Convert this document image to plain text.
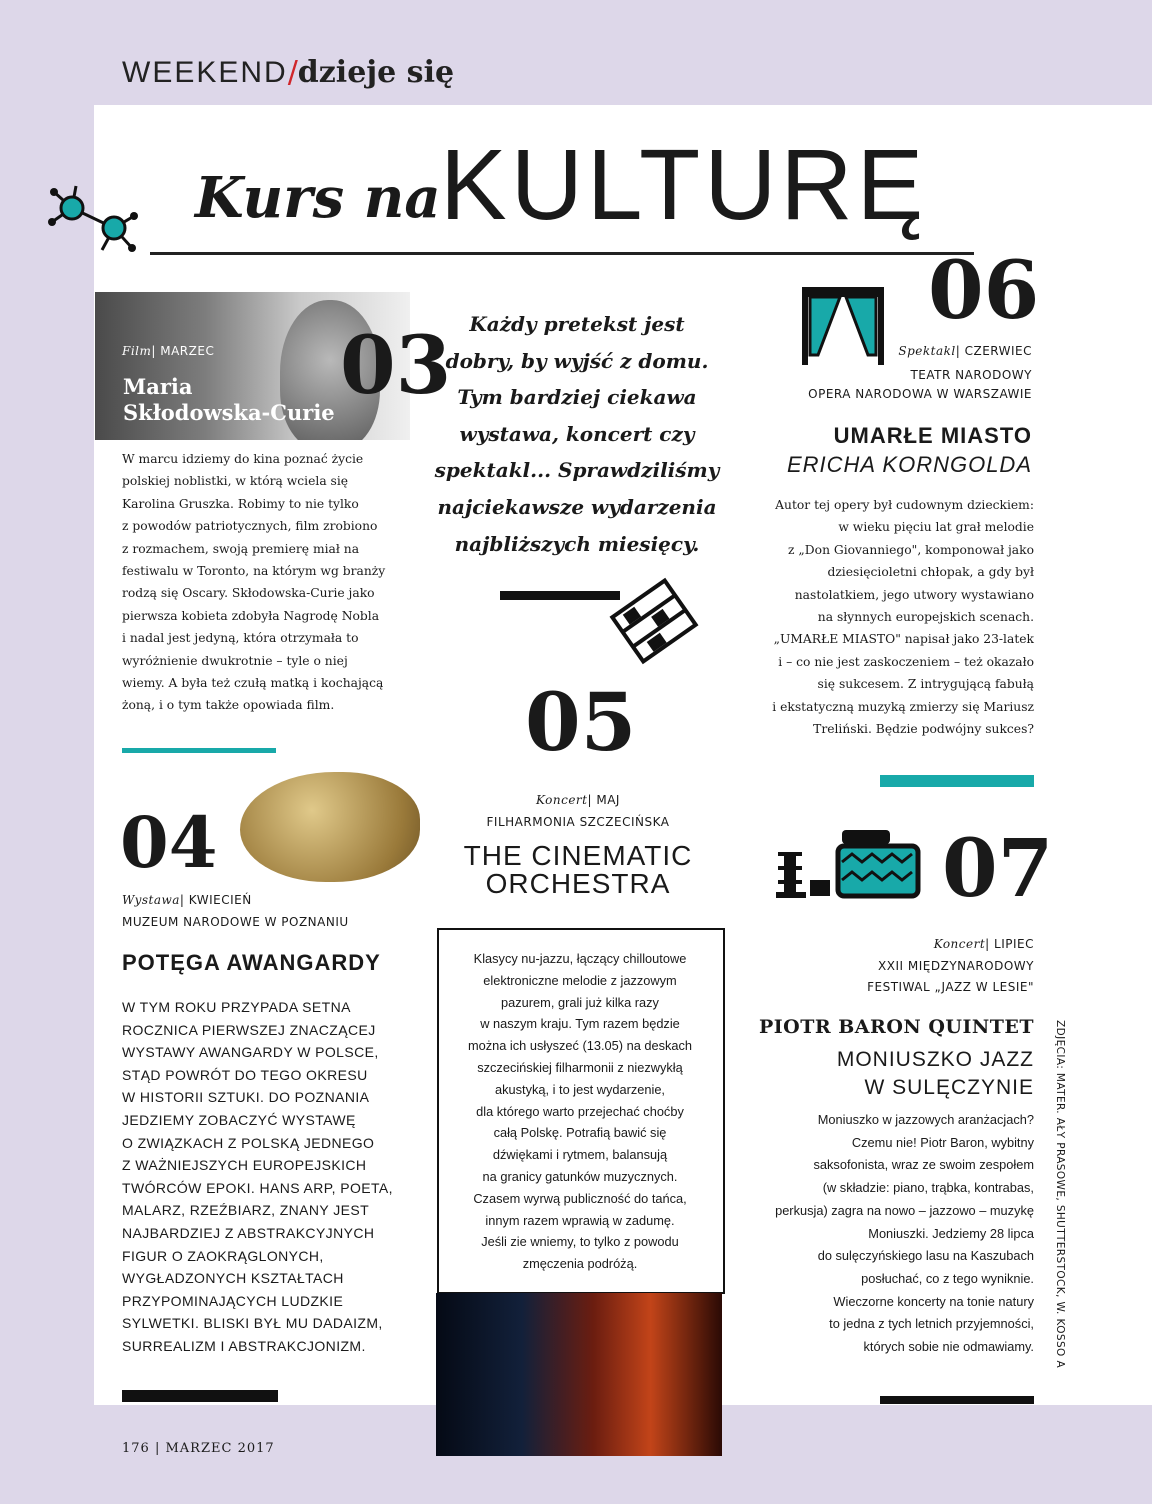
WEEKEND/dzieje się
Kurs na KULTURĘ
Film| MARZEC
Maria
Skłodowska-Curie
03
W marcu idziemy do kina poznać życie
polskiej noblistki, w którą wciela się
Karolina Gruszka. Robimy to nie tylko
z powodów patriotycznych, film zrobiono
z rozmachem, swoją premierę miał na
festiwalu w Toronto, na którym wg branży
rodzą się Oscary. Skłodowska-Curie jako
pierwsza kobieta zdobyła Nagrodę Nobla
i nadal jest jedyną, która otrzymała to
wyróżnienie dwukrotnie – tyle o niej
wiemy. A była też czułą matką i kochającą
żoną, i o tym także opowiada film.
Każdy pretekst jest dobry, by wyjść z domu. Tym bardziej ciekawa wystawa, koncert czy spektakl... Sprawdziliśmy najciekawsze wydarzenia najbliższych miesięcy.
05
Koncert| MAJ
FILHARMONIA SZCZECIŃSKA
THE CINEMATIC
ORCHESTRA
Klasycy nu-jazzu, łączący chilloutowe
elektroniczne melodie z jazzowym
pazurem, grali już kilka razy
w naszym kraju. Tym razem będzie
można ich usłyszeć (13.05) na deskach
szczecińskiej filharmonii z niezwykłą
akustyką, i to jest wydarzenie,
dla którego warto przejechać choćby
całą Polskę. Potrafią bawić się
dźwiękami i rytmem, balansują
na granicy gatunków muzycznych.
Czasem wyrwą publiczność do tańca,
innym razem wprawią w zadumę.
Jeśli zie wniemy, to tylko z powodu
zmęczenia podróżą.
04
Wystawa| KWIECIEŃ
MUZEUM NARODOWE W POZNANIU
POTĘGA AWANGARDY
W TYM ROKU PRZYPADA SETNA
ROCZNICA PIERWSZEJ ZNACZĄCEJ
WYSTAWY AWANGARDY W POLSCE,
STĄD POWRÓT DO TEGO OKRESU
W HISTORII SZTUKI. DO POZNANIA
JEDZIEMY ZOBACZYĆ WYSTAWĘ
O ZWIĄZKACH Z POLSKĄ JEDNEGO
Z WAŻNIEJSZYCH EUROPEJSKICH
TWÓRCÓW EPOKI. HANS ARP, POETA,
MALARZ, RZEŹBIARZ, ZNANY JEST
NAJBARDZIEJ Z ABSTRAKCYJNYCH
FIGUR O ZAOKRĄGLONYCH,
WYGŁADZONYCH KSZTAŁTACH
PRZYPOMINAJĄCYCH LUDZKIE
SYLWETKI. BLISKI BYŁ MU DADAIZM,
SURREALIZM I ABSTRAKCJONIZM.
06
Spektakl| CZERWIEC
TEATR NARODOWY
OPERA NARODOWA W WARSZAWIE
UMARŁE MIASTO
ERICHA KORNGOLDA
Autor tej opery był cudownym dzieckiem:
w wieku pięciu lat grał melodie
z „Don Giovanniego", komponował jako
dziesięcioletni chłopak, a gdy był
nastolatkiem, jego utwory wystawiano
na słynnych europejskich scenach.
„UMARŁE MIASTO" napisał jako 23-latek
i – co nie jest zaskoczeniem – też okazało
się sukcesem. Z intrygującą fabułą
i ekstatyczną muzyką zmierzy się Mariusz
Treliński. Będzie podwójny sukces?
07
Koncert| LIPIEC
XXII MIĘDZYNARODOWY
FESTIWAL „JAZZ W LESIE"
PIOTR BARON QUINTET
MONIUSZKO JAZZ
W SULĘCZYNIE
Moniuszko w jazzowych aranżacjach?
Czemu nie! Piotr Baron, wybitny
saksofonista, wraz ze swoim zespołem
(w składzie: piano, trąbka, kontrabas,
perkusja) zagra na nowo – jazzowo – muzykę
Moniuszki. Jedziemy 28 lipca
do sulęczyńskiego lasu na Kaszubach
posłuchać, co z tego wyniknie.
Wieczorne koncerty na tonie natury
to jedna z tych letnich przyjemności,
których sobie nie odmawiamy. ZDJĘCIA: MATER. AŁY PRASOWE, SHUTTERSTOCK, W. KOSSO A
176 | MARZEC 2017
